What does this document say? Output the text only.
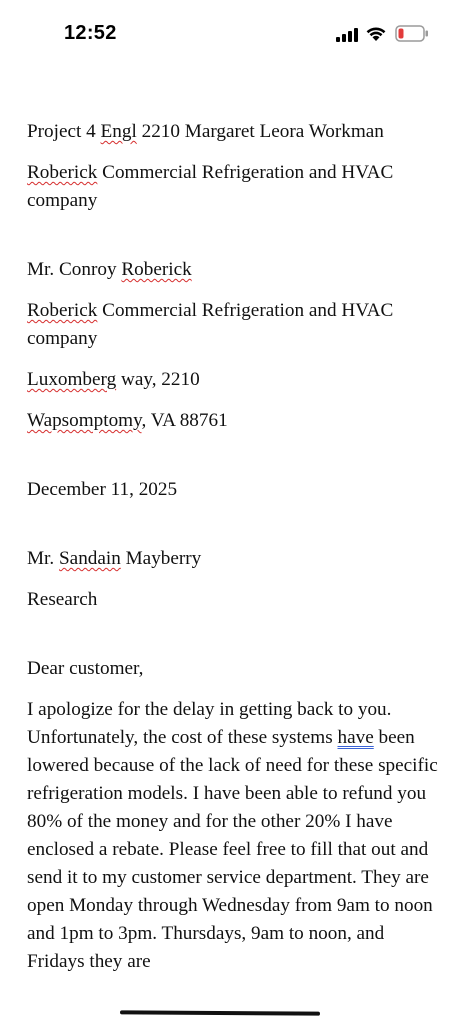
12:52

Project 4 Engl 2210 Margaret Leora Workman

Roberick Commercial Refrigeration and HVAC company

Mr. Conroy Roberick

Roberick Commercial Refrigeration and HVAC company

Luxomberg way, 2210

Wapsomptomy, VA 88761

December 11, 2025

Mr. Sandain Mayberry

Research

Dear customer,

I apologize for the delay in getting back to you. Unfortunately, the cost of these systems have been lowered because of the lack of need for these specific refrigeration models. I have been able to refund you 80% of the money and for the other 20% I have enclosed a rebate. Please feel free to fill that out and send it to my customer service department. They are open Monday through Wednesday from 9am to noon and 1pm to 3pm. Thursdays, 9am to noon, and Fridays they are
